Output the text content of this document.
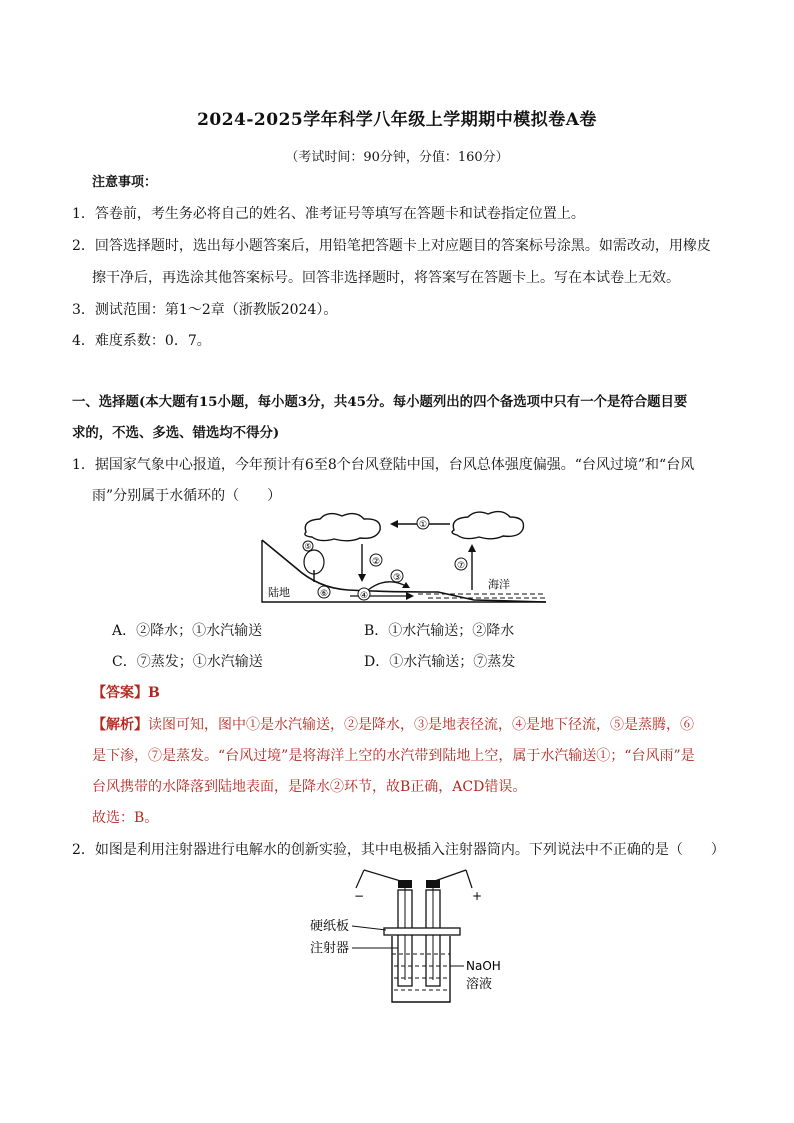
2024-2025学年科学八年级上学期期中模拟卷A卷
（考试时间：90分钟，分值：160分）
注意事项：
1．答卷前，考生务必将自己的姓名、准考证号等填写在答题卡和试卷指定位置上。
2．回答选择题时，选出每小题答案后，用铅笔把答题卡上对应题目的答案标号涂黑。如需改动，用橡皮
擦干净后，再选涂其他答案标号。回答非选择题时，将答案写在答题卡上。写在本试卷上无效。
3．测试范围：第1～2章（浙教版2024）。
4．难度系数：0．7。
一、选择题(本大题有15小题，每小题3分，共45分。每小题列出的四个备选项中只有一个是符合题目要
求的，不选、多选、错选均不得分)
1．据国家气象中心报道，今年预计有6至8个台风登陆中国，台风总体强度偏强。“台风过境”和“台风
雨”分别属于水循环的（　　）
①
⑤
②	⑦
③
④
⑥
陆地
海洋
A．②降水；①水汽输送	B．①水汽输送；②降水
C．⑦蒸发；①水汽输送	D．①水汽输送；⑦蒸发
【答案】B
【解析】读图可知，图中①是水汽输送，②是降水，③是地表径流，④是地下径流，⑤是蒸腾，⑥
是下渗，⑦是蒸发。“台风过境”是将海洋上空的水汽带到陆地上空，属于水汽输送①；“台风雨”是
台风携带的水降落到陆地表面，是降水②环节，故B正确，ACD错误。
故选：B。
2．如图是利用注射器进行电解水的创新实验，其中电极插入注射器筒内。下列说法中不正确的是（　　）
−	+
硬纸板
注射器
NaOH
溶液
